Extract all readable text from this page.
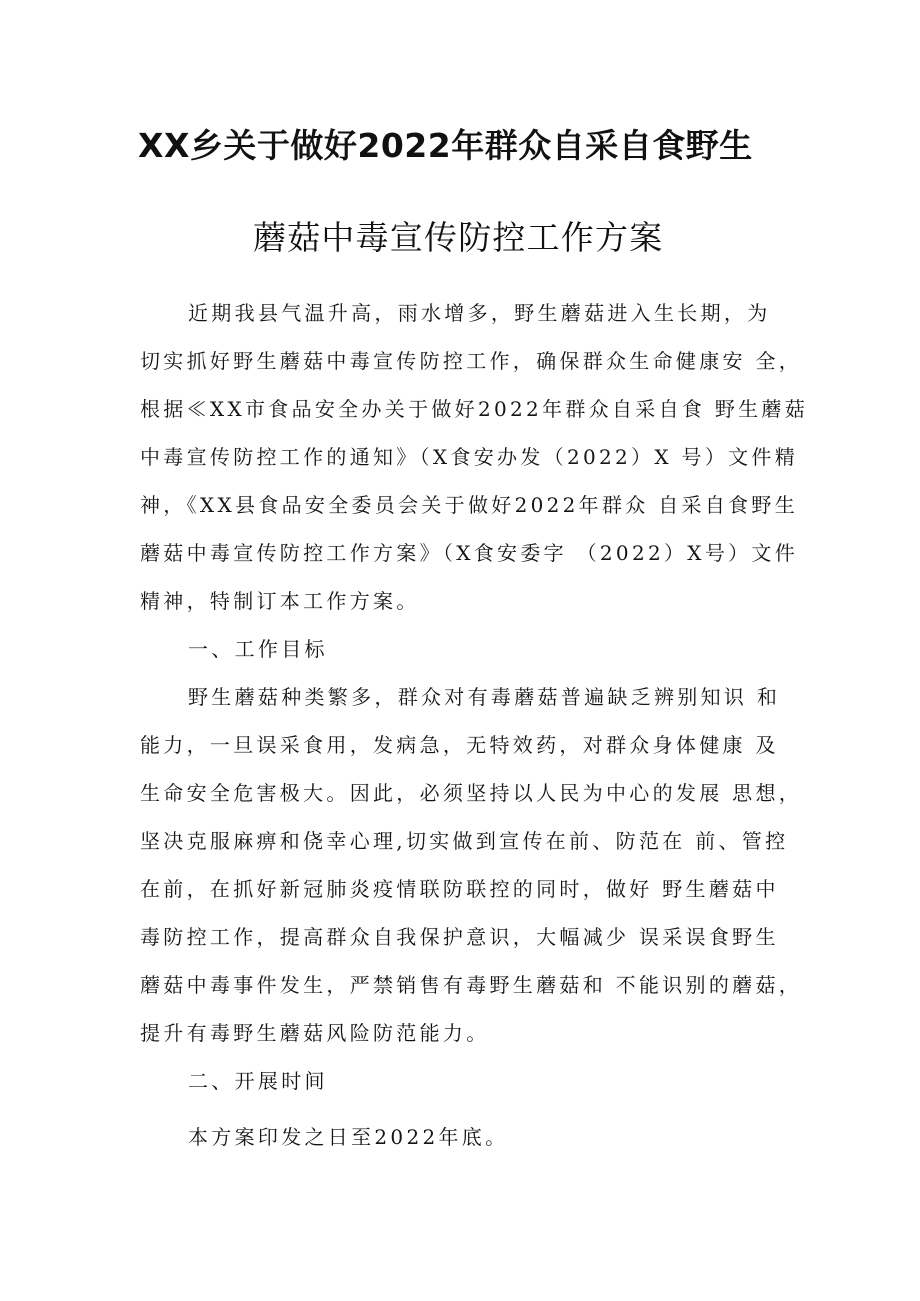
XX乡关于做好2022年群众自采自食野生
蘑菇中毒宣传防控工作方案
近期我县气温升高，雨水增多，野生蘑菇进入生长期，为
切实抓好野生蘑菇中毒宣传防控工作，确保群众生命健康安 全，
根据≪XX市食品安全办关于做好2022年群众自采自食 野生蘑菇
中毒宣传防控工作的通知》（X食安办发（2022）X 号）文件精
神，《XX县食品安全委员会关于做好2022年群众 自采自食野生
蘑菇中毒宣传防控工作方案》（X食安委字 （2022）X号）文件
精神，特制订本工作方案。
一、工作目标
野生蘑菇种类繁多，群众对有毒蘑菇普遍缺乏辨别知识 和
能力，一旦误采食用，发病急，无特效药，对群众身体健康 及
生命安全危害极大。因此，必须坚持以人民为中心的发展 思想，
坚决克服麻痹和侥幸心理,切实做到宣传在前、防范在 前、管控
在前，在抓好新冠肺炎疫情联防联控的同时，做好 野生蘑菇中
毒防控工作，提高群众自我保护意识，大幅减少 误采误食野生
蘑菇中毒事件发生，严禁销售有毒野生蘑菇和 不能识别的蘑菇，
提升有毒野生蘑菇风险防范能力。
二、开展时间
本方案印发之日至2022年底。
